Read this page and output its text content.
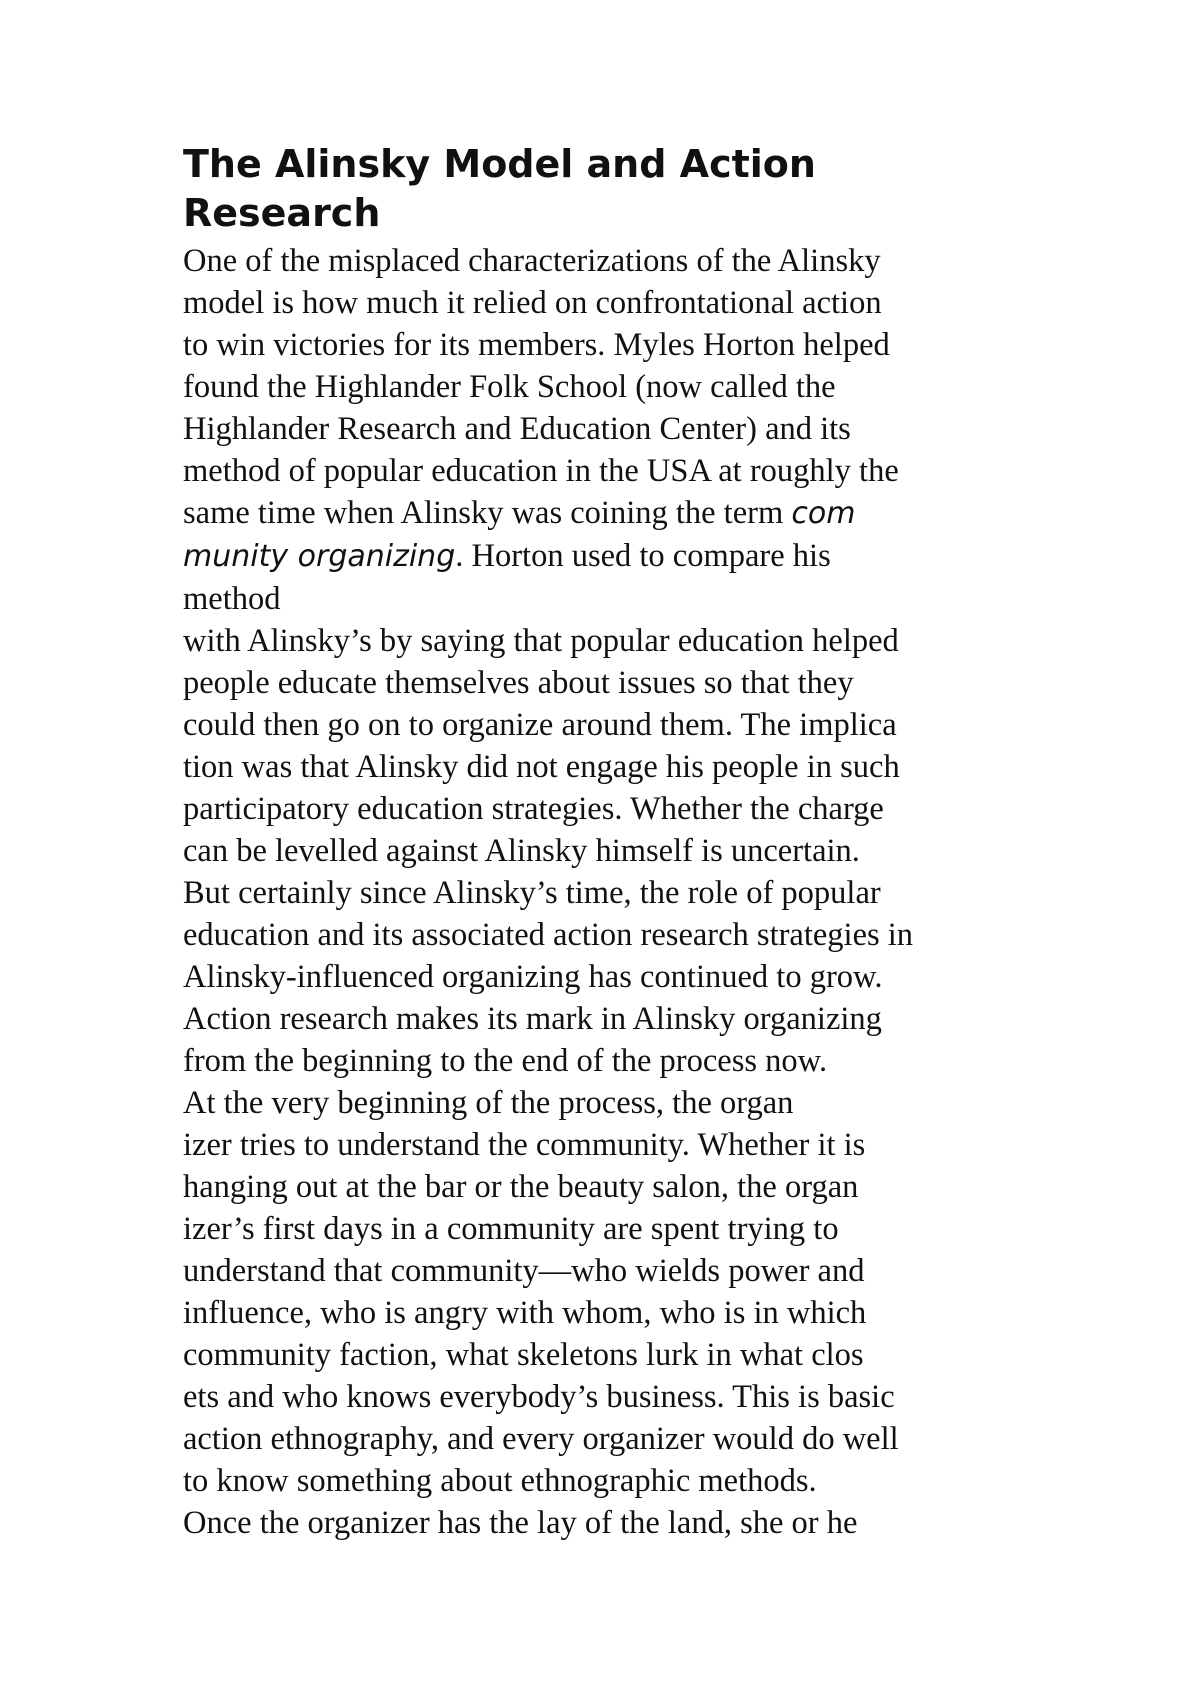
The Alinsky Model and Action
Research
One of the misplaced characterizations of the Alinsky
model is how much it relied on confrontational action
to win victories for its members. Myles Horton helped
found the Highlander Folk School (now called the
Highlander Research and Education Center) and its
method of popular education in the USA at roughly the
same time when Alinsky was coining the term com
munity organizing. Horton used to compare his
method
with Alinsky’s by saying that popular education helped
people educate themselves about issues so that they
could then go on to organize around them. The implica
tion was that Alinsky did not engage his people in such
participatory education strategies. Whether the charge
can be levelled against Alinsky himself is uncertain.
But certainly since Alinsky’s time, the role of popular
education and its associated action research strategies in
Alinsky-influenced organizing has continued to grow.
Action research makes its mark in Alinsky organizing
from the beginning to the end of the process now.
At the very beginning of the process, the organ
izer tries to understand the community. Whether it is
hanging out at the bar or the beauty salon, the organ
izer’s first days in a community are spent trying to
understand that community—who wields power and
influence, who is angry with whom, who is in which
community faction, what skeletons lurk in what clos
ets and who knows everybody’s business. This is basic
action ethnography, and every organizer would do well
to know something about ethnographic methods.
Once the organizer has the lay of the land, she or he
